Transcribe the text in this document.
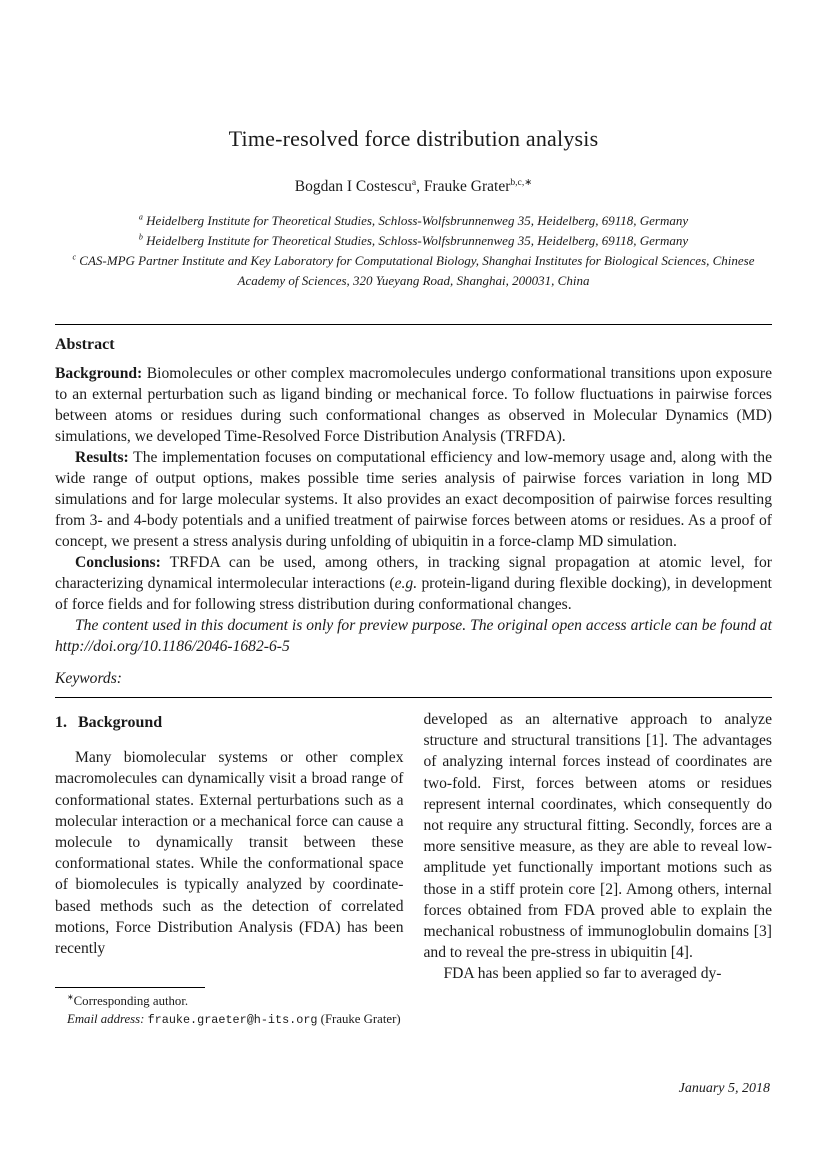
Time-resolved force distribution analysis
Bogdan I Costescu$^a$, Frauke Grater$^{b,c,∗}$

$^a$ Heidelberg Institute for Theoretical Studies, Schloss-Wolfsbrunnenweg 35, Heidelberg, 69118, Germany

$^b$ Heidelberg Institute for Theoretical Studies, Schloss-Wolfsbrunnenweg 35, Heidelberg, 69118, Germany

$^c$ CAS-MPG Partner Institute and Key Laboratory for Computational Biology, Shanghai Institutes for Biological Sciences, Chinese Academy of Sciences, 320 Yueyang Road, Shanghai, 200031, China

Abstract

Background: Biomolecules or other complex macromolecules undergo conformational transitions upon exposure to an external perturbation such as ligand binding or mechanical force. To follow fluctuations in pairwise forces between atoms or residues during such conformational changes as observed in Molecular Dynamics (MD) simulations, we developed Time-Resolved Force Distribution Analysis (TRFDA).

Results: The implementation focuses on computational efficiency and low-memory usage and, along with the wide range of output options, makes possible time series analysis of pairwise forces variation in long MD simulations and for large molecular systems. It also provides an exact decomposition of pairwise forces resulting from 3- and 4-body potentials and a unified treatment of pairwise forces between atoms or residues. As a proof of concept, we present a stress analysis during unfolding of ubiquitin in a force-clamp MD simulation.

Conclusions: TRFDA can be used, among others, in tracking signal propagation at atomic level, for characterizing dynamical intermolecular interactions (e.g. protein-ligand during flexible docking), in development of force fields and for following stress distribution during conformational changes.

The content used in this document is only for preview purpose. The original open access article can be found at http://doi.org/10.1186/2046-1682-6-5

Keywords:

1. Background

Many biomolecular systems or other complex macromolecules can dynamically visit a broad range of conformational states. External perturbations such as a molecular interaction or a mechanical force can cause a molecule to dynamically transit between these conformational states. While the conformational space of biomolecules is typically analyzed by coordinate-based methods such as the detection of correlated motions, Force Distribution Analysis (FDA) has been recently

∗Corresponding author.

Email address: frauke.graeter@h-its.org (Frauke Grater)

developed as an alternative approach to analyze structure and structural transitions [1]. The advantages of analyzing internal forces instead of coordinates are two-fold. First, forces between atoms or residues represent internal coordinates, which consequently do not require any structural fitting. Secondly, forces are a more sensitive measure, as they are able to reveal low-amplitude yet functionally important motions such as those in a stiff protein core [2]. Among others, internal forces obtained from FDA proved able to explain the mechanical robustness of immunoglobulin domains [3] and to reveal the pre-stress in ubiquitin [4].

FDA has been applied so far to averaged dy-

January 5, 2018
